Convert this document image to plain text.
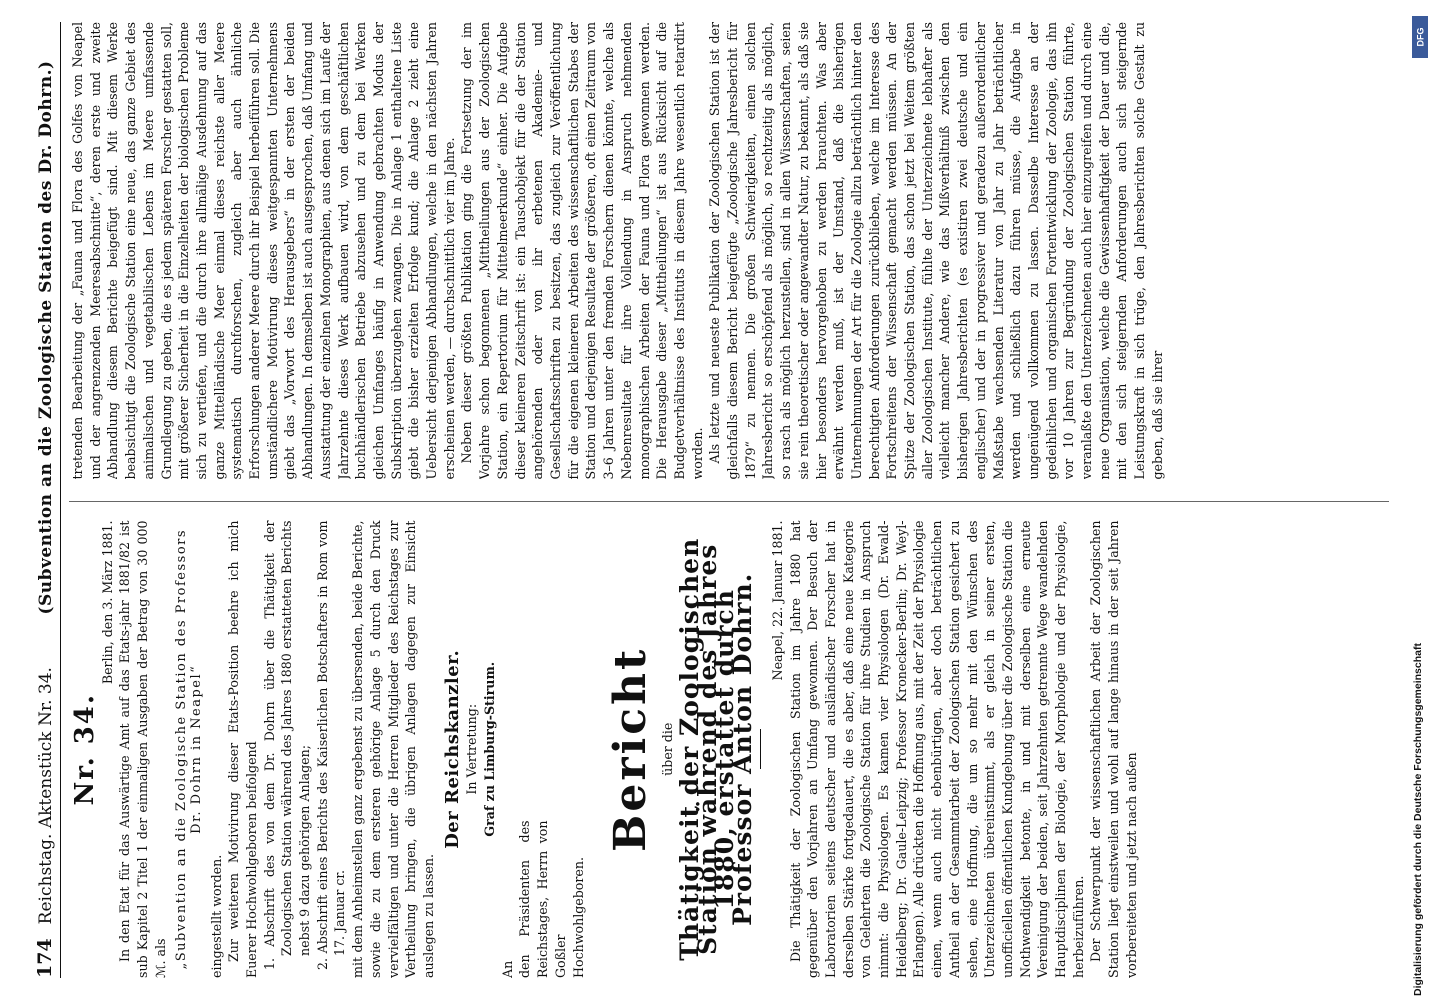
174
Reichstag. Aktenstück Nr. 34.
(Subvention an die Zoologische Station des Dr. Dohrn.)

Nr. 34.

Berlin, den 3. März 1881. In den Etat für das Auswärtige Amt auf das Etats-jahr 1881/82 ist sub Kapitel 2 Titel 1 der einmaligen Ausgaben der Betrag von 30 000 ℳ. als „Subvention an die Zoologische Station des Professors Dr. Dohrn in Neapel“

eingestellt worden. Zur weiteren Motivirung dieser Etats-Position beehre ich mich Euerer Hochwohlgeboren beifolgend 1. Abschrift des von dem Dr. Dohrn über die Thätigkeit der Zoologischen Station während des Jahres 1880 erstatteten Berichts nebst 9 dazu gehörigen Anlagen; 2. Abschrift eines Berichts des Kaiserlichen Botschafters in Rom vom 17. Januar cr. mit dem Anheimstellen ganz ergebenst zu übersenden, beide Berichte, sowie die zu dem ersteren gehörige Anlage 5 durch den Druck vervielfältigen und unter die Herren Mitglieder des Reichstages zur Vertheilung bringen, die übrigen Anlagen dagegen zur Einsicht auslegen zu lassen.

Der Reichskanzler. In Vertretung: Graf zu Limburg-Stirum.

An den Präsidenten des Reichstages, Herrn von Goßler Hochwohlgeboren.

Bericht über die Thätigkeit der Zoologischen Station während des Jahres 1880, erstattet durch Professor Anton Dohrn. Neapel, 22. Januar 1881. Die Thätigkeit der Zoologischen Station im Jahre 1880 hat gegenüber den Vorjahren an Umfang gewonnen. Der Besuch der Laboratorien seitens deutscher und ausländischer Forscher hat in derselben Stärke fortgedauert, die es aber, daß eine neue Kategorie von Gelehrten die Zoologische Station für ihre Studien in Anspruch nimmt: die Physiologen. Es kamen vier Physiologen (Dr. Ewald-Heidelberg; Dr. Gaule-Leipzig; Professor Kronecker-Berlin; Dr. Weyl-Erlangen). Alle drückten die Hoffnung aus, mit der Zeit der Physiologie einen, wenn auch nicht ebenbürtigen, aber doch beträchtlichen Antheil an der Gesammtarbeit der Zoologischen Station gesichert zu sehen, eine Hoffnung, die um so mehr mit den Wünschen des Unterzeichneten übereinstimmt, als er gleich in seiner ersten, unofficiellen öffentlichen Kundgebung über die Zoologische Station die Nothwendigkeit betonte, in und mit derselben eine erneute Vereinigung der beiden, seit Jahrzehnten getrennte Wege wandelnden Hauptdisciplinen der Biologie, der Morphologie und der Physiologie, herbeizuführen. Der Schwerpunkt der wissenschaftlichen Arbeit der Zoologischen Station liegt einstweilen und wohl auf lange hinaus in der seit Jahren vorbereiteten und jetzt nach außen

tretenden Bearbeitung der „Fauna und Flora des Golfes von Neapel und der angrenzenden Meeresabschnitte“, deren erste und zweite Abhandlung diesem Berichte beigefügt sind. Mit diesem Werke beabsichtigt die Zoologische Station eine neue, das ganze Gebiet des animalischen und vegetabilischen Lebens im Meere umfassende Grundlegung zu geben, die es jedem späteren Forscher gestatten soll, mit größerer Sicherheit in die Einzelheiten der biologischen Probleme sich zu vertiefen, und die durch ihre allmälige Ausdehnung auf das ganze Mittelländische Meer einmal dieses reichste aller Meere systematisch durchforschen, zugleich aber auch ähnliche Erforschungen anderer Meere durch ihr Beispiel herbeiführen soll. Die umständlichere Motivirung dieses weitgespannten Unternehmens giebt das „Vorwort des Herausgebers“ in der ersten der beiden Abhandlungen. In demselben ist auch ausgesprochen, daß Umfang und Ausstattung der einzelnen Monographien, aus denen sich im Laufe der Jahrzehnte dieses Werk aufbauen wird, von dem geschäftlichen buchhändlerischen Betriebe abzusehen und zu dem bei Werken gleichen Umfanges häufig in Anwendung gebrachten Modus der Subskription überzugehen zwangen. Die in Anlage 1 enthaltene Liste giebt die bisher erzielten Erfolge kund; die Anlage 2 zieht eine Uebersicht derjenigen Abhandlungen, welche in den nächsten Jahren erscheinen werden, — durchschnittlich vier im Jahre. Neben dieser größten Publikation ging die Fortsetzung der im Vorjahre schon begonnenen „Mittheilungen aus der Zoologischen Station, ein Repertorium für Mittelmeerkunde“ einher. Die Aufgabe dieser kleineren Zeitschrift ist: ein Tauschobjekt für die der Station angehörenden oder von ihr erbetenen Akademie- und Gesellschaftsschriften zu besitzen, das zugleich zur Veröffentlichung für die eigenen kleineren Arbeiten des wissenschaftlichen Stabes der Station und derjenigen Resultate der größeren, oft einen Zeitraum von 3–6 Jahren unter den fremden Forschern dienen könnte, welche als Nebenresultate für ihre Vollendung in Anspruch nehmenden monographischen Arbeiten der Fauna und Flora gewonnen werden. Die Herausgabe dieser „Mittheilungen“ ist aus Rücksicht auf die Budgetverhältnisse des Instituts in diesem Jahre wesentlich retardirt worden. Als letzte und neueste Publikation der Zoologischen Station ist der gleichfalls diesem Bericht beigefügte „Zoologische Jahresbericht für 1879“ zu nennen. Die großen Schwierigkeiten, einen solchen Jahresbericht so erschöpfend als möglich, so rechtzeitig als möglich, so rasch als möglich herzustellen, sind in allen Wissenschaften, seien sie rein theoretischer oder angewandter Natur, zu bekannt, als daß sie hier besonders hervorgehoben zu werden brauchten. Was aber erwähnt werden muß, ist der Umstand, daß die bisherigen Unternehmungen der Art für die Zoologie allzu beträchtlich hinter den berechtigten Anforderungen zurückblieben, welche im Interesse des Fortschreitens der Wissenschaft gemacht werden müssen. An der Spitze der Zoologischen Station, das schon jetzt bei Weitem größten aller Zoologischen Institute, fühlte der Unterzeichnete lebhafter als vielleicht mancher Andere, wie das Mißverhältniß zwischen den bisherigen Jahresberichten (es existiren zwei deutsche und ein englischer) und der in progressiver und geradezu außerordentlicher Maßstabe wachsenden Literatur von Jahr zu Jahr beträchtlicher werden und schließlich dazu führen müsse, die Aufgabe in ungenügend vollkommen zu lassen. Dasselbe Interesse an der gedeihlichen und organischen Fortentwicklung der Zoologie, das ihn vor 10 Jahren zur Begründung der Zoologischen Station führte, veranlaßte den Unterzeichneten auch hier einzugreifen und durch eine neue Organisation, welche die Gewissenhaftigkeit der Dauer und die, mit den sich steigernden Anforderungen auch sich steigernde Leistungskraft in sich trüge, den Jahresberichten solche Gestalt zu geben, daß sie ihrer

DFG
Digitalisierung gefördert durch die Deutsche Forschungsgemeinschaft
